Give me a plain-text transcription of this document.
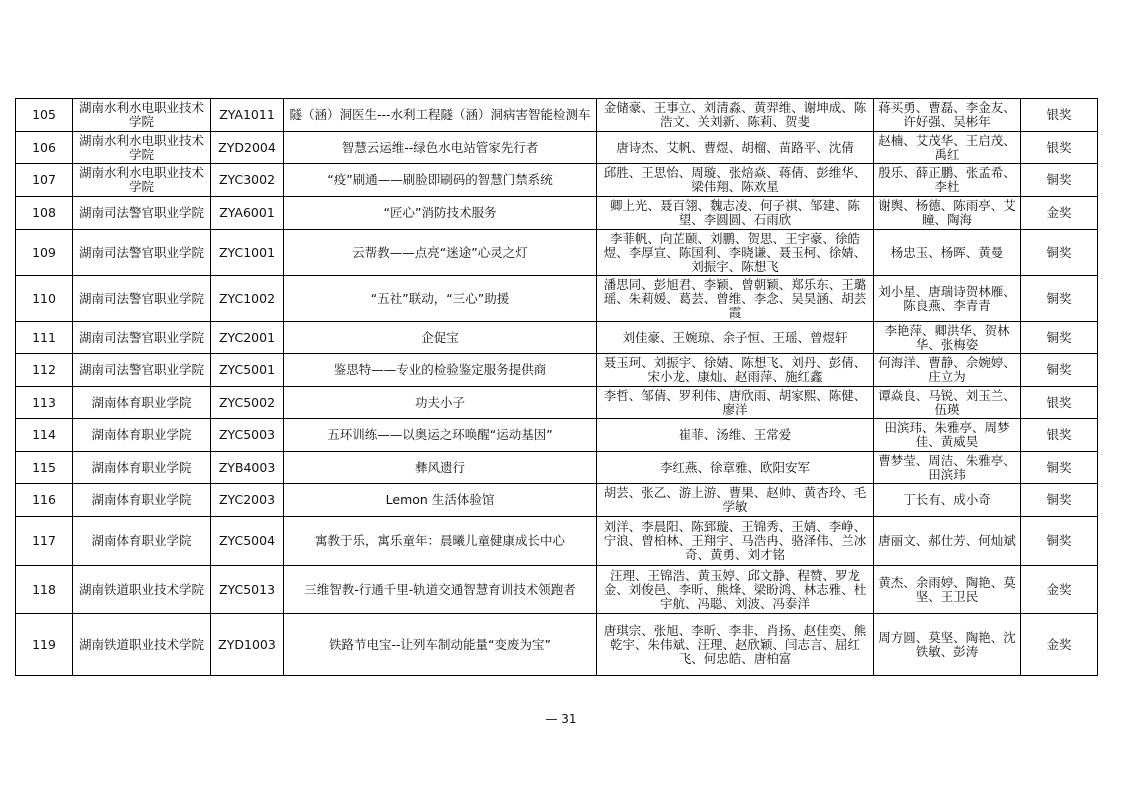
105	湖南水利水电职业技术学院	ZYA1011	隧（涵）洞医生---水利工程隧（涵）洞病害智能检测车	金储豪、王事立、刘清淼、黄羿维、谢坤成、陈浩文、关刘新、陈莉、贺斐	蒋买勇、曹磊、李金友、许好强、吴彬年	银奖
106	湖南水利水电职业技术学院	ZYD2004	智慧云运维--绿色水电站管家先行者	唐诗杰、艾帆、曹煜、胡榴、苗路平、沈倩	赵楠、艾茂华、王启茂、禹红	银奖
107	湖南水利水电职业技术学院	ZYC3002	“疫”刷通——刷脸即刷码的智慧门禁系统	邱胜、王思怡、周璇、张焙焱、蒋倩、彭维华、梁伟翔、陈欢星	殷乐、薛正鹏、张孟希、李杜	铜奖
108	湖南司法警官职业学院	ZYA6001	“匠心”消防技术服务	卿上光、聂百翎、魏志凌、何子祺、邹建、陈望、李圆圆、石雨欣	谢舆、杨德、陈雨亭、艾瞳、陶海	金奖
109	湖南司法警官职业学院	ZYC1001	云帮教——点亮“迷途”心灵之灯	李菲帆、向芷颐、刘鹏、贺思、王宇豪、徐皓煜、李厚宣、陈国利、李晓谦、聂玉柯、徐婧、刘振宇、陈想飞	杨忠玉、杨晖、黄曼	铜奖
110	湖南司法警官职业学院	ZYC1002	“五社”联动，“三心”助援	潘思同、彭旭君、李颖、曾朝颖、郑乐东、王璐瑶、朱莉媛、葛芸、曾维、李念、吴昊涵、胡芸霞	刘小星、唐瑞诗贺林雁、陈良燕、李青青	铜奖
111	湖南司法警官职业学院	ZYC2001	企促宝	刘佳豪、王婉琼、余子恒、王瑶、曾煜轩	李艳萍、卿洪华、贺林华、张梅姿	铜奖
112	湖南司法警官职业学院	ZYC5001	鉴思特——专业的检验鉴定服务提供商	聂玉珂、刘振宇、徐婧、陈想飞、刘丹、彭倩、宋小龙、康灿、赵雨萍、施红鑫	何海洋、曹静、佘婉婷、庄立为	铜奖
113	湖南体育职业学院	ZYC5002	功夫小子	李哲、邹倩、罗利伟、唐欣雨、胡家熙、陈健、廖洋	谭焱良、马锐、刘玉兰、伍瑛	银奖
114	湖南体育职业学院	ZYC5003	五环训练——以奥运之环唤醒“运动基因”	崔菲、汤维、王常爱	田滨玮、朱雅亭、周梦佳、黄威昊	银奖
115	湖南体育职业学院	ZYB4003	彝风遗行	李红燕、徐章雅、欧阳安军	曹梦莹、周洁、朱雅亭、田滨玮	铜奖
116	湖南体育职业学院	ZYC2003	Lemon 生活体验馆	胡芸、张乙、游上游、曹果、赵帅、黄杏玲、毛学敏	丁长有、成小奇	铜奖
117	湖南体育职业学院	ZYC5004	寓教于乐，寓乐童年：晨曦儿童健康成长中心	刘洋、李晨阳、陈郅璇、王锦秀、王婧、李峥、宁浪、曾柏林、王翔宇、马浩冉、骆泽伟、兰冰奇、黄勇、刘才铭	唐丽文、郝仕芳、何灿斌	铜奖
118	湖南铁道职业技术学院	ZYC5013	三维智教-行通千里-轨道交通智慧育训技术领跑者	汪理、王锦浩、黄玉婷、邱文静、程赞、罗龙金、刘俊邑、李昕、熊烽、梁盼鸿、林志雅、杜宇航、冯聪、刘波、冯泰洋	黄杰、余雨婷、陶艳、莫坚、王卫民	金奖
119	湖南铁道职业技术学院	ZYD1003	铁路节电宝--让列车制动能量“变废为宝”	唐琪宗、张旭、李昕、李非、肖扬、赵佳奕、熊乾宇、朱伟斌、汪理、赵欣颖、闫志言、屈红飞、何忠皓、唐柏富	周方圆、莫坚、陶艳、沈铁敏、彭涛	金奖
— 31
